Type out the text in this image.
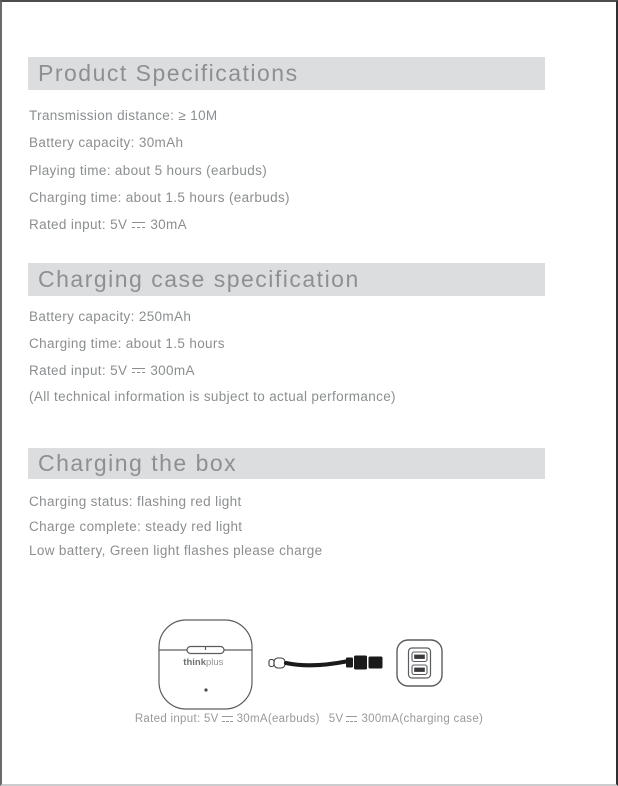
Product Specifications
Transmission distance: ≥ 10M
Battery capacity: 30mAh
Playing time: about 5 hours (earbuds)
Charging time: about 1.5 hours (earbuds)
Rated input: 5V 30mA
Charging case specification
Battery capacity: 250mAh
Charging time: about 1.5 hours
Rated input: 5V 300mA
(All technical information is subject to actual performance)
Charging the box
Charging status: flashing red light
Charge complete: steady red light
Low battery, Green light flashes please charge
think plus
Rated input: 5V 30mA(earbuds) 5V 300mA(charging case)
